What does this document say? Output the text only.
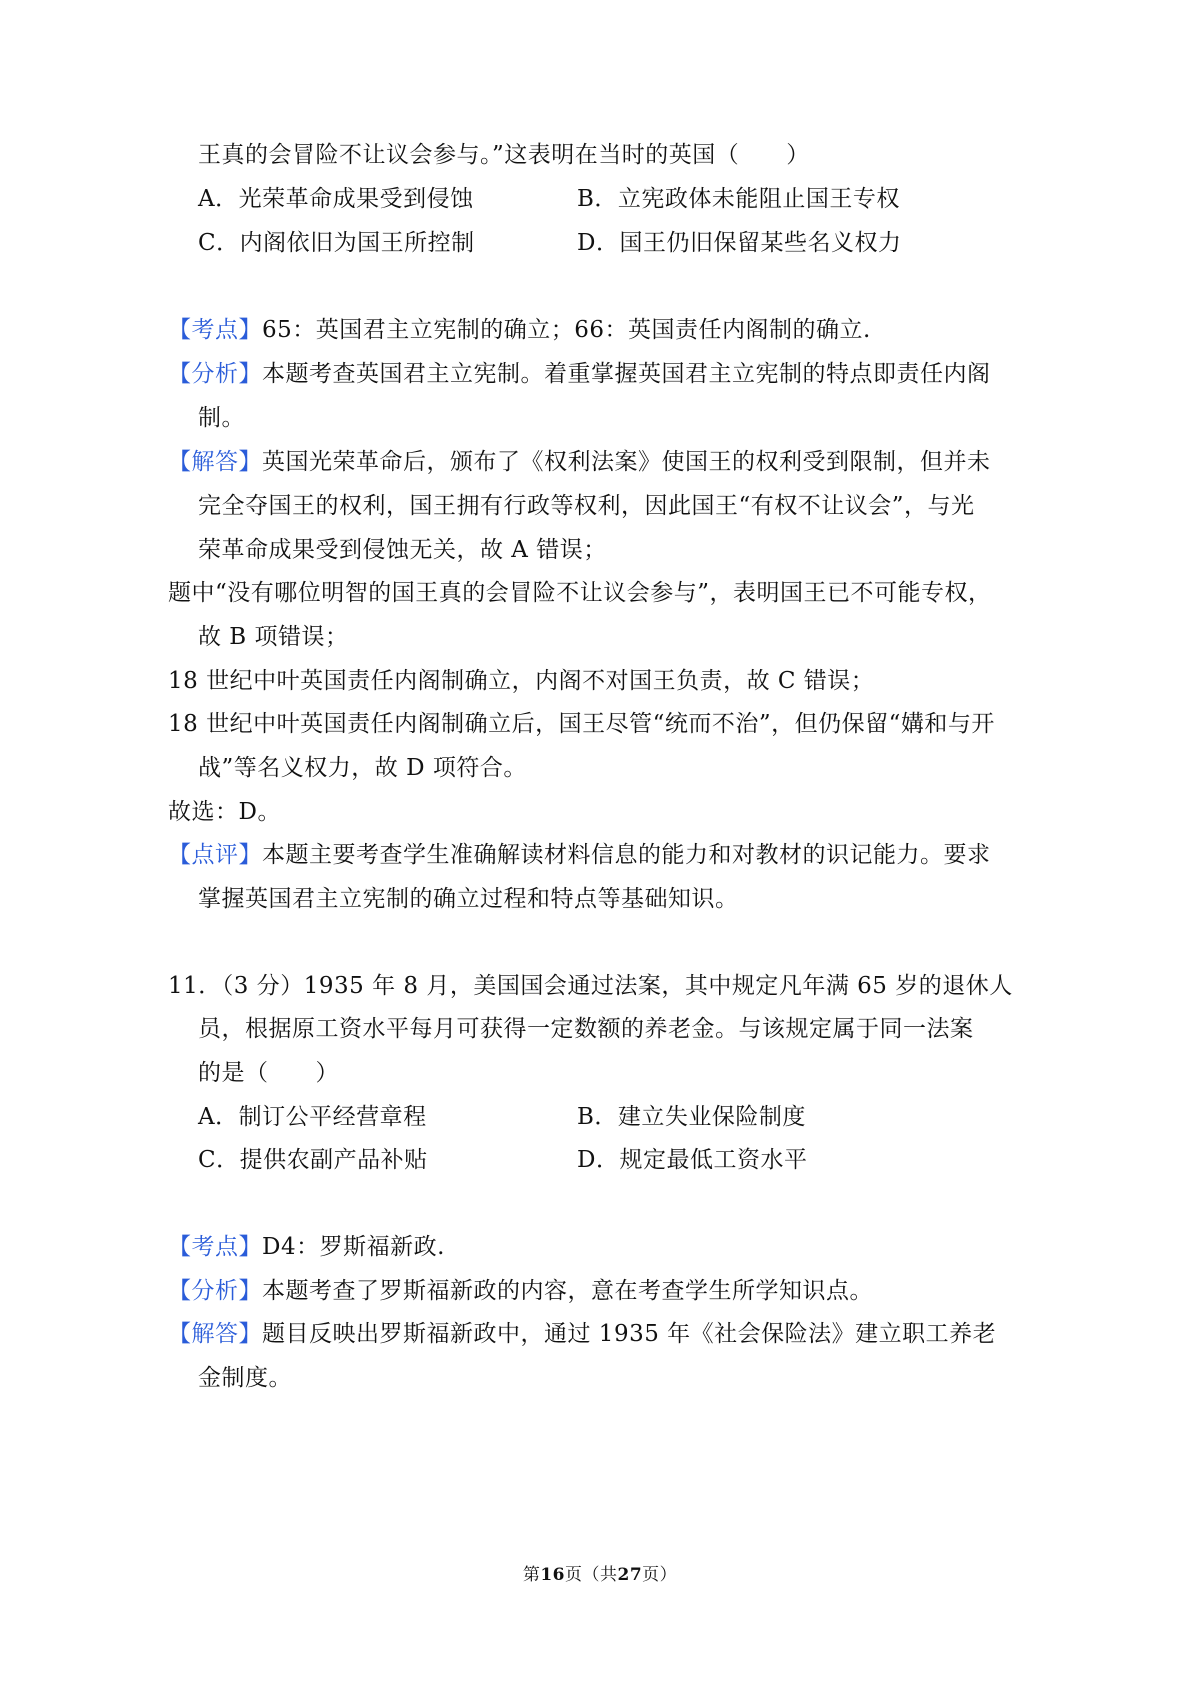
王真的会冒险不让议会参与。”这表明在当时的英国（　　）
A．光荣革命成果受到侵蚀	B．立宪政体未能阻止国王专权
C．内阁依旧为国王所控制	D．国王仍旧保留某些名义权力
【考点】65：英国君主立宪制的确立；66：英国责任内阁制的确立.
【分析】本题考查英国君主立宪制。着重掌握英国君主立宪制的特点即责任内阁
制。
【解答】英国光荣革命后，颁布了《权利法案》使国王的权利受到限制，但并未
完全夺国王的权利，国王拥有行政等权利，因此国王“有权不让议会”，与光
荣革命成果受到侵蚀无关，故 A 错误；
题中“没有哪位明智的国王真的会冒险不让议会参与”，表明国王已不可能专权，
故 B 项错误；
18 世纪中叶英国责任内阁制确立，内阁不对国王负责，故 C 错误；
18 世纪中叶英国责任内阁制确立后，国王尽管“统而不治”，但仍保留“媾和与开
战”等名义权力，故 D 项符合。
故选：D。
【点评】本题主要考查学生准确解读材料信息的能力和对教材的识记能力。要求
掌握英国君主立宪制的确立过程和特点等基础知识。
11．（3 分）1935 年 8 月，美国国会通过法案，其中规定凡年满 65 岁的退休人
员，根据原工资水平每月可获得一定数额的养老金。与该规定属于同一法案
的是（　　）
A．制订公平经营章程	B．建立失业保险制度
C．提供农副产品补贴	D．规定最低工资水平
【考点】D4：罗斯福新政.
【分析】本题考查了罗斯福新政的内容，意在考查学生所学知识点。
【解答】题目反映出罗斯福新政中，通过 1935 年《社会保险法》建立职工养老
金制度。
第16页（共27页）
